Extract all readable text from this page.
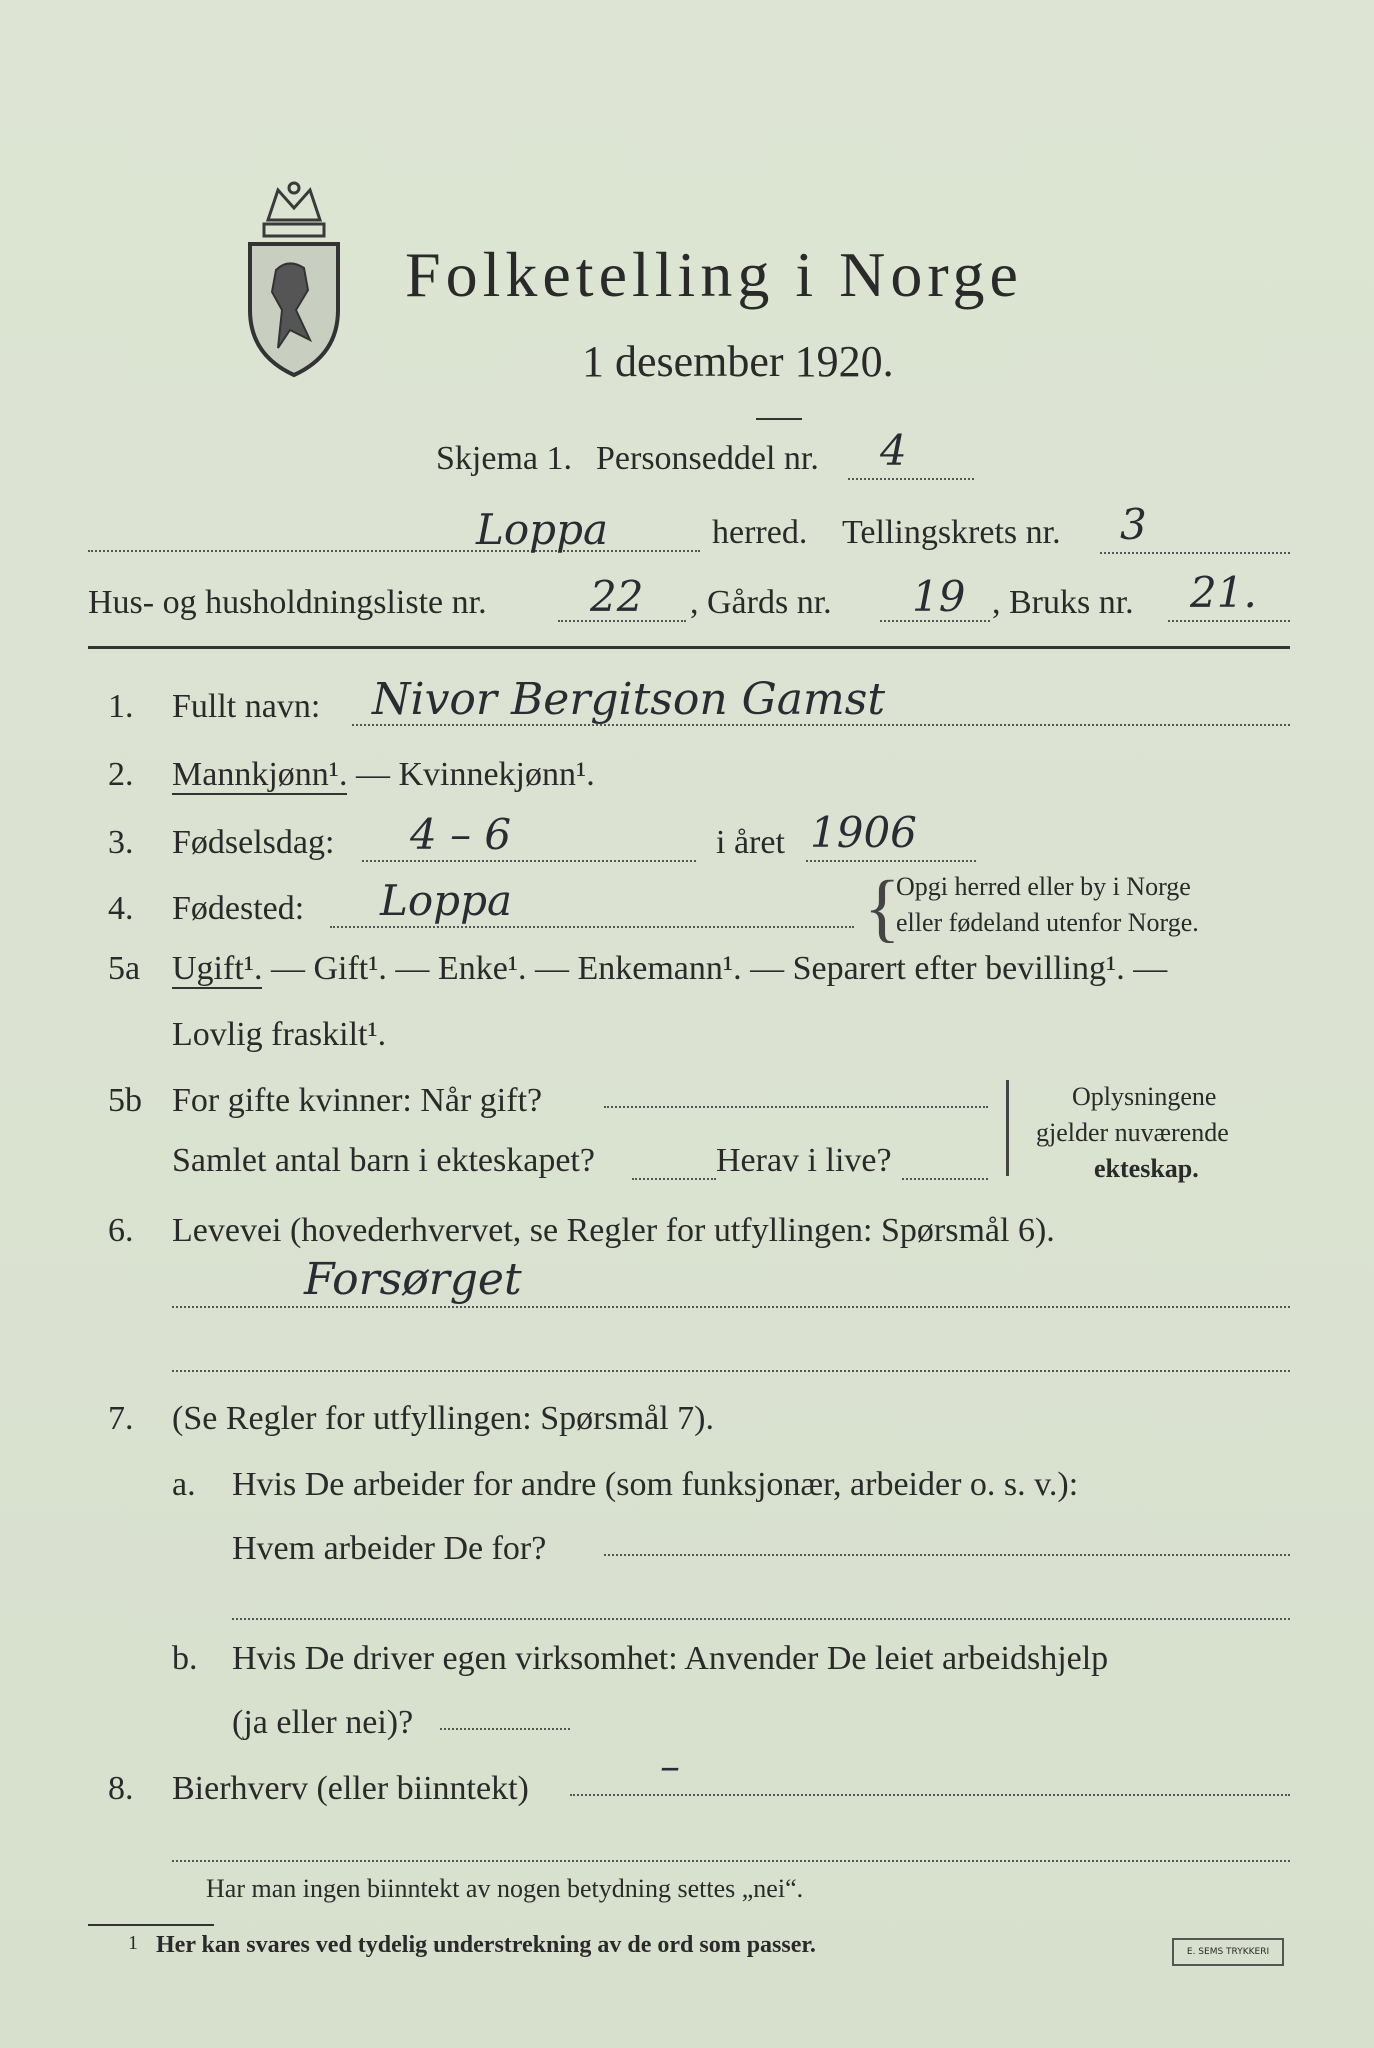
Folketelling i Norge
1 desember 1920.
Skjema 1. Personseddel nr. 4
Loppa	herred. Tellingskrets nr. 3
Hus- og husholdningsliste nr. 22 , Gårds nr. 19 , Bruks nr. 21.
1. Fullt navn: Nivor Bergitson Gamst
2. Mannkjønn¹. — Kvinnekjønn¹.
3. Fødselsdag: 4 – 6	i året 1906
4. Fødested: Loppa	{
Opgi herred eller by i Norge
eller fødeland utenfor Norge.
5a Ugift¹. — Gift¹. — Enke¹. — Enkemann¹. — Separert efter bevilling¹. —
Lovlig fraskilt¹.
5b For gifte kvinner: Når gift?
Samlet antal barn i ekteskapet?	Herav i live?
Oplysningene
gjelder nuværende
ekteskap.
6. Levevei (hovederhvervet, se Regler for utfyllingen: Spørsmål 6).
Forsørget
7. (Se Regler for utfyllingen: Spørsmål 7).
a. Hvis De arbeider for andre (som funksjonær, arbeider o. s. v.):
Hvem arbeider De for?
b. Hvis De driver egen virksomhet: Anvender De leiet arbeidshjelp
(ja eller nei)?
8. Bierhverv (eller biinntekt)	–
Har man ingen biinntekt av nogen betydning settes „nei“.
1 Her kan svares ved tydelig understrekning av de ord som passer.	E. SEMS TRYKKERI
